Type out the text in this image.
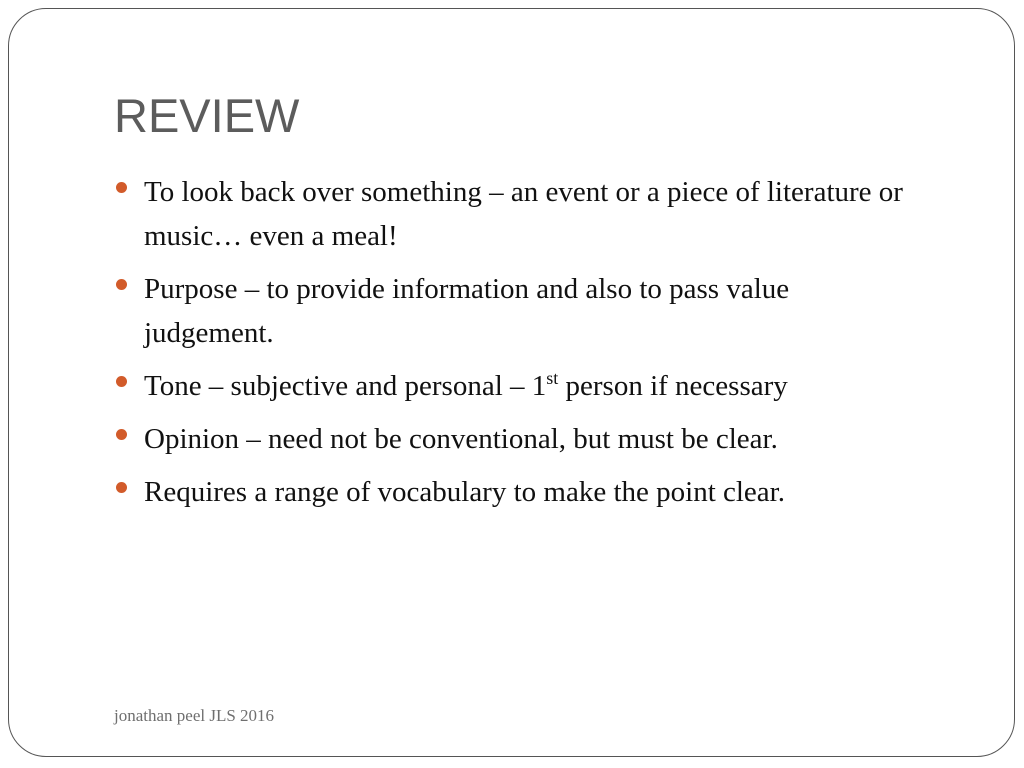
REVIEW
To look back over something – an event or a piece of literature or music… even a meal!
Purpose – to provide information and also to pass value judgement.
Tone – subjective and personal – 1st person if necessary
Opinion – need not be conventional, but must be clear.
Requires a range of vocabulary to make the point clear.
jonathan peel JLS 2016
